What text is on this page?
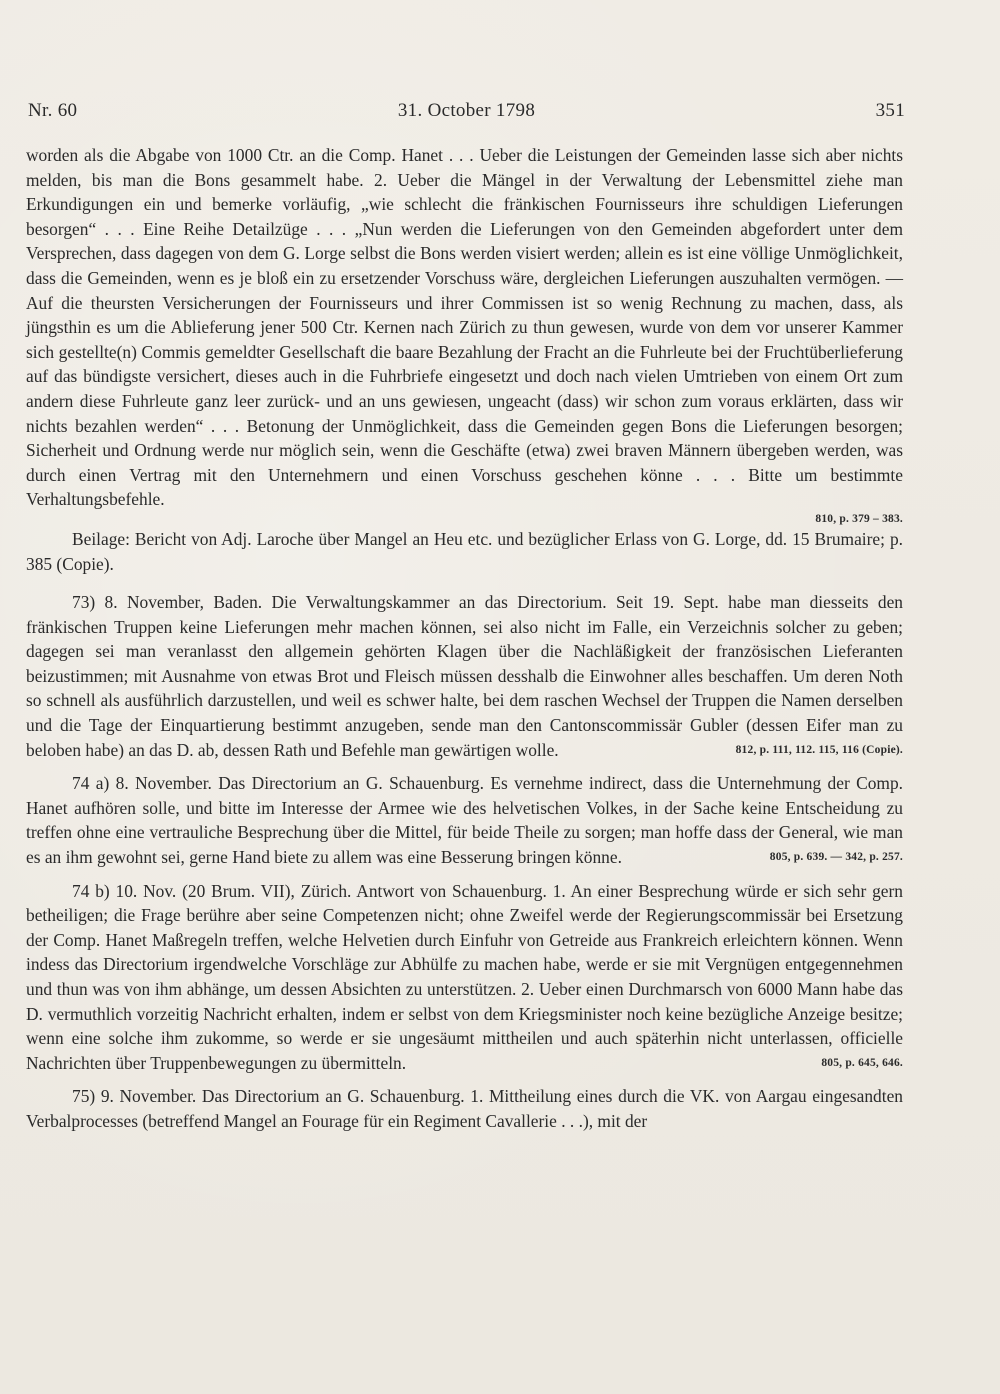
Nr. 60	31. October 1798	351

worden als die Abgabe von 1000 Ctr. an die Comp. Hanet . . . Ueber die Leistungen der Gemeinden lasse sich aber nichts melden, bis man die Bons gesammelt habe. 2. Ueber die Mängel in der Verwaltung der Lebensmittel ziehe man Erkundigungen ein und bemerke vorläufig, „wie schlecht die fränkischen Fournisseurs ihre schuldigen Lieferungen besorgen“ . . . Eine Reihe Detailzüge . . . „Nun werden die Lieferungen von den Gemeinden abgefordert unter dem Versprechen, dass dagegen von dem G. Lorge selbst die Bons werden visiert werden; allein es ist eine völlige Unmöglichkeit, dass die Gemeinden, wenn es je bloß ein zu ersetzender Vorschuss wäre, dergleichen Lieferungen auszuhalten vermögen. — Auf die theursten Versicherungen der Fournisseurs und ihrer Commissen ist so wenig Rechnung zu machen, dass, als jüngsthin es um die Ablieferung jener 500 Ctr. Kernen nach Zürich zu thun gewesen, wurde von dem vor unserer Kammer sich gestellte(n) Commis gemeldter Gesellschaft die baare Bezahlung der Fracht an die Fuhrleute bei der Fruchtüberlieferung auf das bündigste versichert, dieses auch in die Fuhrbriefe eingesetzt und doch nach vielen Umtrieben von einem Ort zum andern diese Fuhrleute ganz leer zurück- und an uns gewiesen, ungeacht (dass) wir schon zum voraus erklärten, dass wir nichts bezahlen werden“ . . . Betonung der Unmöglichkeit, dass die Gemeinden gegen Bons die Lieferungen besorgen; Sicherheit und Ordnung werde nur möglich sein, wenn die Geschäfte (etwa) zwei braven Männern übergeben werden, was durch einen Vertrag mit den Unternehmern und einen Vorschuss geschehen könne . . . Bitte um bestimmte Verhaltungsbefehle.

810, p. 379 – 383.

Beilage: Bericht von Adj. Laroche über Mangel an Heu etc. und bezüglicher Erlass von G. Lorge, dd. 15 Brumaire; p. 385 (Copie).

73) 8. November, Baden. Die Verwaltungskammer an das Directorium. Seit 19. Sept. habe man diesseits den fränkischen Truppen keine Lieferungen mehr machen können, sei also nicht im Falle, ein Verzeichnis solcher zu geben; dagegen sei man veranlasst den allgemein gehörten Klagen über die Nachläßigkeit der französischen Lieferanten beizustimmen; mit Ausnahme von etwas Brot und Fleisch müssen desshalb die Einwohner alles beschaffen. Um deren Noth so schnell als ausführlich darzustellen, und weil es schwer halte, bei dem raschen Wechsel der Truppen die Namen derselben und die Tage der Einquartierung bestimmt anzugeben, sende man den Cantonscommissär Gubler (dessen Eifer man zu beloben habe) an das D. ab, dessen Rath und Befehle man gewärtigen wolle.	812, p. 111, 112. 115, 116 (Copie).

74 a) 8. November. Das Directorium an G. Schauenburg. Es vernehme indirect, dass die Unternehmung der Comp. Hanet aufhören solle, und bitte im Interesse der Armee wie des helvetischen Volkes, in der Sache keine Entscheidung zu treffen ohne eine vertrauliche Besprechung über die Mittel, für beide Theile zu sorgen; man hoffe dass der General, wie man es an ihm gewohnt sei, gerne Hand biete zu allem was eine Besserung bringen könne.	805, p. 639. — 342, p. 257.

74 b) 10. Nov. (20 Brum. VII), Zürich. Antwort von Schauenburg. 1. An einer Besprechung würde er sich sehr gern betheiligen; die Frage berühre aber seine Competenzen nicht; ohne Zweifel werde der Regierungscommissär bei Ersetzung der Comp. Hanet Maßregeln treffen, welche Helvetien durch Einfuhr von Getreide aus Frankreich erleichtern können. Wenn indess das Directorium irgendwelche Vorschläge zur Abhülfe zu machen habe, werde er sie mit Vergnügen entgegennehmen und thun was von ihm abhänge, um dessen Absichten zu unterstützen. 2. Ueber einen Durchmarsch von 6000 Mann habe das D. vermuthlich vorzeitig Nachricht erhalten, indem er selbst von dem Kriegsminister noch keine bezügliche Anzeige besitze; wenn eine solche ihm zukomme, so werde er sie ungesäumt mittheilen und auch späterhin nicht unterlassen, officielle Nachrichten über Truppenbewegungen zu übermitteln.	805, p. 645, 646.

75) 9. November. Das Directorium an G. Schauenburg. 1. Mittheilung eines durch die VK. von Aargau eingesandten Verbalprocesses (betreffend Mangel an Fourage für ein Regiment Cavallerie . . .), mit der
